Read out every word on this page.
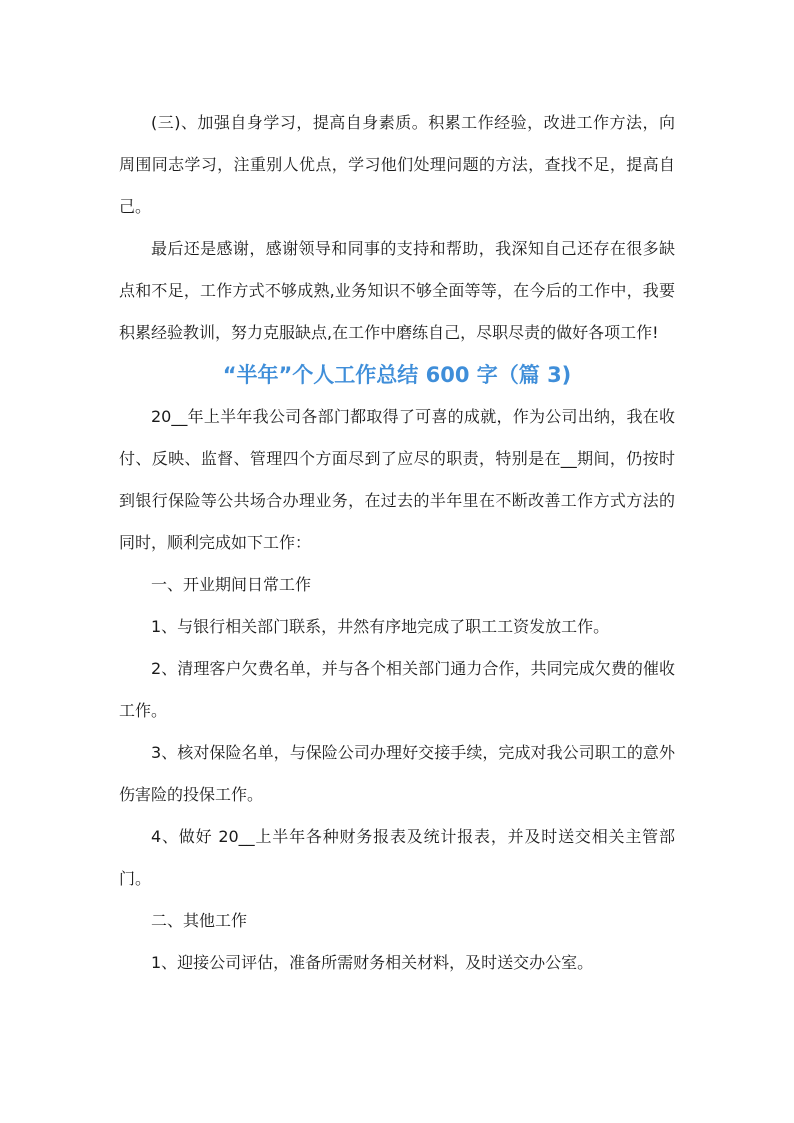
(三)、加强自身学习，提高自身素质。积累工作经验，改进工作方法，向周围同志学习，注重别人优点，学习他们处理问题的方法，查找不足，提高自己。

最后还是感谢，感谢领导和同事的支持和帮助，我深知自己还存在很多缺点和不足，工作方式不够成熟,业务知识不够全面等等，在今后的工作中，我要积累经验教训，努力克服缺点,在工作中磨练自己，尽职尽责的做好各项工作!

“半年”个人工作总结 600 字（篇 3)

20__年上半年我公司各部门都取得了可喜的成就，作为公司出纳，我在收付、反映、监督、管理四个方面尽到了应尽的职责，特别是在__期间，仍按时到银行保险等公共场合办理业务，在过去的半年里在不断改善工作方式方法的同时，顺利完成如下工作：

一、开业期间日常工作

1、与银行相关部门联系，井然有序地完成了职工工资发放工作。

2、清理客户欠费名单，并与各个相关部门通力合作，共同完成欠费的催收工作。

3、核对保险名单，与保险公司办理好交接手续，完成对我公司职工的意外伤害险的投保工作。

4、做好 20__上半年各种财务报表及统计报表，并及时送交相关主管部门。

二、其他工作

1、迎接公司评估，准备所需财务相关材料，及时送交办公室。
